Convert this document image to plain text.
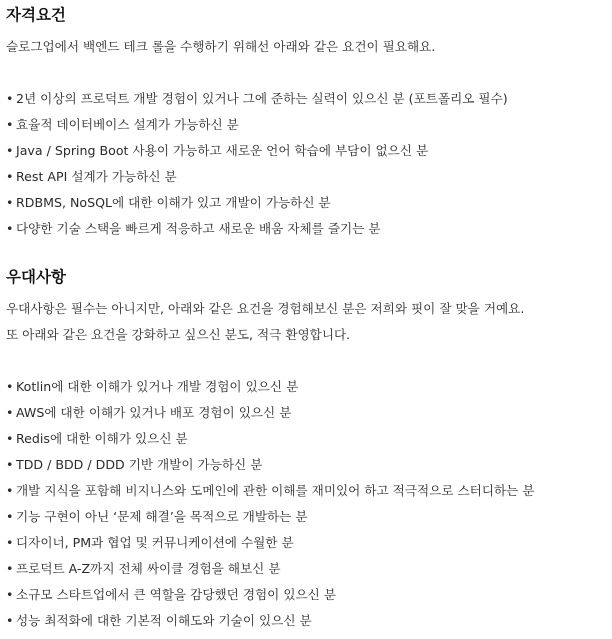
자격요건

슬로그업에서 백엔드 테크 롤을 수행하기 위해선 아래와 같은 요건이 필요해요.

• 2년 이상의 프로덕트 개발 경험이 있거나 그에 준하는 실력이 있으신 분 (포트폴리오 필수)
• 효율적 데이터베이스 설계가 가능하신 분
• Java / Spring Boot 사용이 가능하고 새로운 언어 학습에 부담이 없으신 분
• Rest API 설계가 가능하신 분
• RDBMS, NoSQL에 대한 이해가 있고 개발이 가능하신 분
• 다양한 기술 스택을 빠르게 적응하고 새로운 배움 자체를 즐기는 분
우대사항

우대사항은 필수는 아니지만, 아래와 같은 요건을 경험해보신 분은 저희와 핏이 잘 맞을 거예요.

또 아래와 같은 요건을 강화하고 싶으신 분도, 적극 환영합니다.

• Kotlin에 대한 이해가 있거나 개발 경험이 있으신 분
• AWS에 대한 이해가 있거나 배포 경험이 있으신 분
• Redis에 대한 이해가 있으신 분
• TDD / BDD / DDD 기반 개발이 가능하신 분
• 개발 지식을 포함해 비지니스와 도메인에 관한 이해를 재미있어 하고 적극적으로 스터디하는 분
• 기능 구현이 아닌 ‘문제 해결’을 목적으로 개발하는 분
• 디자이너, PM과 협업 및 커뮤니케이션에 수월한 분
• 프로덕트 A-Z까지 전체 싸이클 경험을 해보신 분
• 소규모 스타트업에서 큰 역할을 감당했던 경험이 있으신 분
• 성능 최적화에 대한 기본적 이해도와 기술이 있으신 분
